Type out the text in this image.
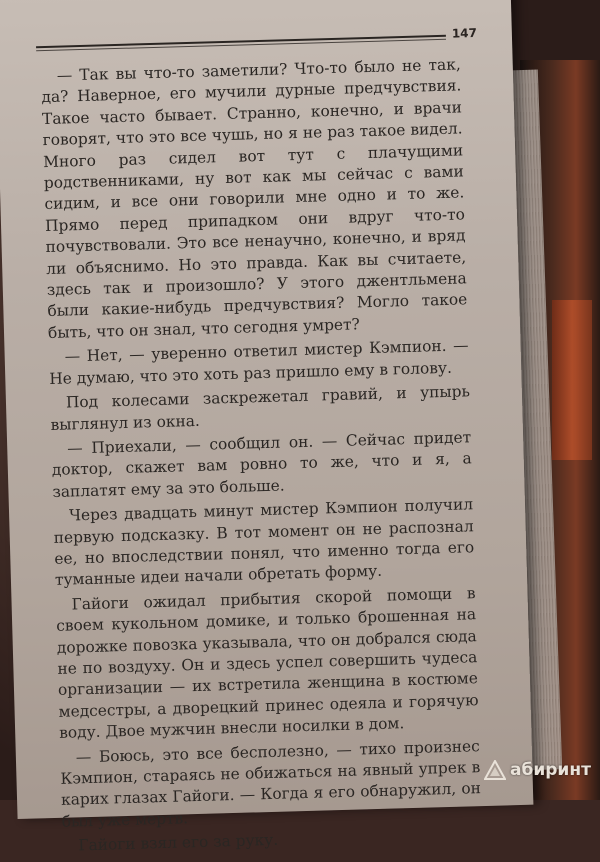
147

— Так вы что-то заметили? Что-то было не так, да? Наверное, его мучили дурные предчувствия. Такое часто бывает. Странно, конечно, и врачи говорят, что это все чушь, но я не раз такое видел. Много раз сидел вот тут с плачущими родственниками, ну вот как мы сейчас с вами сидим, и все они говорили мне одно и то же. Прямо перед припадком они вдруг что-то почувствовали. Это все ненаучно, конечно, и вряд ли объяснимо. Но это правда. Как вы считаете, здесь так и произошло? У этого джентльмена были какие-нибудь предчувствия? Могло такое быть, что он знал, что сегодня умрет?

— Нет, — уверенно ответил мистер Кэмпион. — Не думаю, что это хоть раз пришло ему в голову.

Под колесами заскрежетал гравий, и упырь выглянул из окна.

— Приехали, — сообщил он. — Сейчас придет доктор, скажет вам ровно то же, что и я, а заплатят ему за это больше.

Через двадцать минут мистер Кэмпион получил первую подсказку. В тот момент он не распознал ее, но впоследствии понял, что именно тогда его туманные идеи начали обретать форму.

Гайоги ожидал прибытия скорой помощи в своем кукольном домике, и только брошенная на дорожке повозка указывала, что он добрался сюда не по воздуху. Он и здесь успел совершить чудеса организации — их встретила женщина в костюме медсестры, а дворецкий принес одеяла и горячую воду. Двое мужчин внесли носилки в дом.

— Боюсь, это все бесполезно, — тихо произнес Кэмпион, стараясь не обижаться на явный упрек в карих глазах Гайоги. — Когда я его обнаружил, он был уже мертв.

Гайоги взял его за руку.

абиринт
